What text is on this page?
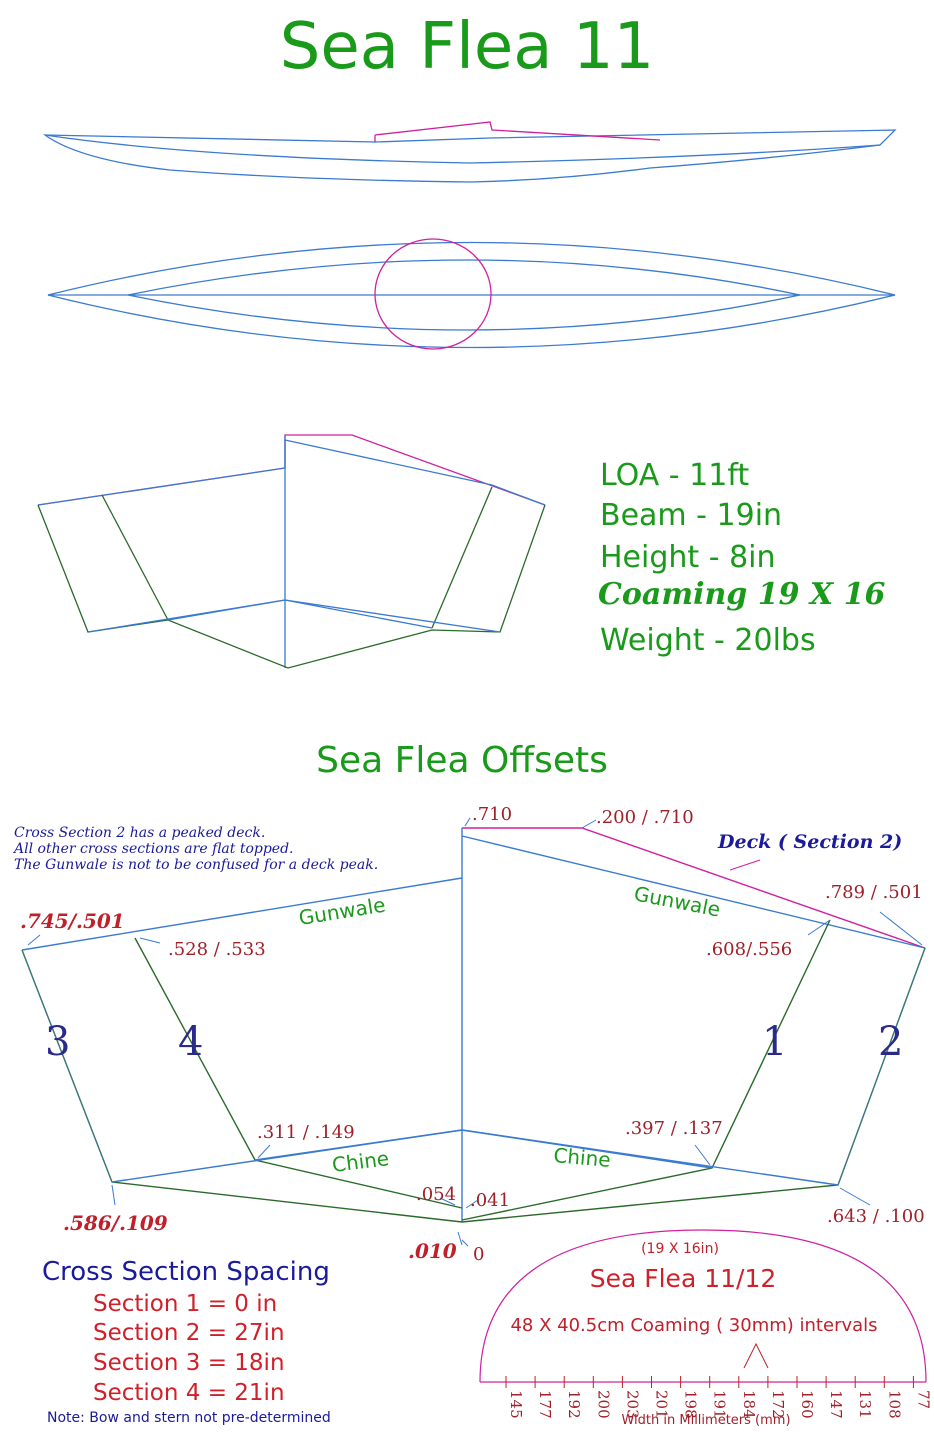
Sea Flea 11
LOA - 11ft
Beam - 19in
Height - 8in
Coaming 19 X 16
Weight - 20lbs
Sea Flea Offsets
Cross Section 2 has a peaked deck.
All other cross sections are flat topped.
The Gunwale is not to be confused for a deck peak.
Deck ( Section 2)
Gunwale	Gunwale
Chine	Chine
3	4	1 2
.710	.200 / .710
.789 / .501
.745/.501
.528 / .533	.608/.556
.311 / .149	.397 / .137
.054 .041
.586/.109	.643 / .100
.010 0
Cross Section Spacing
Section 1 = 0 in
Section 2 = 27in
Section 3 = 18in
Section 4 = 21in
Note: Bow and stern not pre-determined
(19 X 16in)
Sea Flea 11/12
48 X 40.5cm Coaming ( 30mm) intervals
145 177 192 200 203 201 198 191 184 172 160 147 131 108 77
Width in Millimeters (mm)
